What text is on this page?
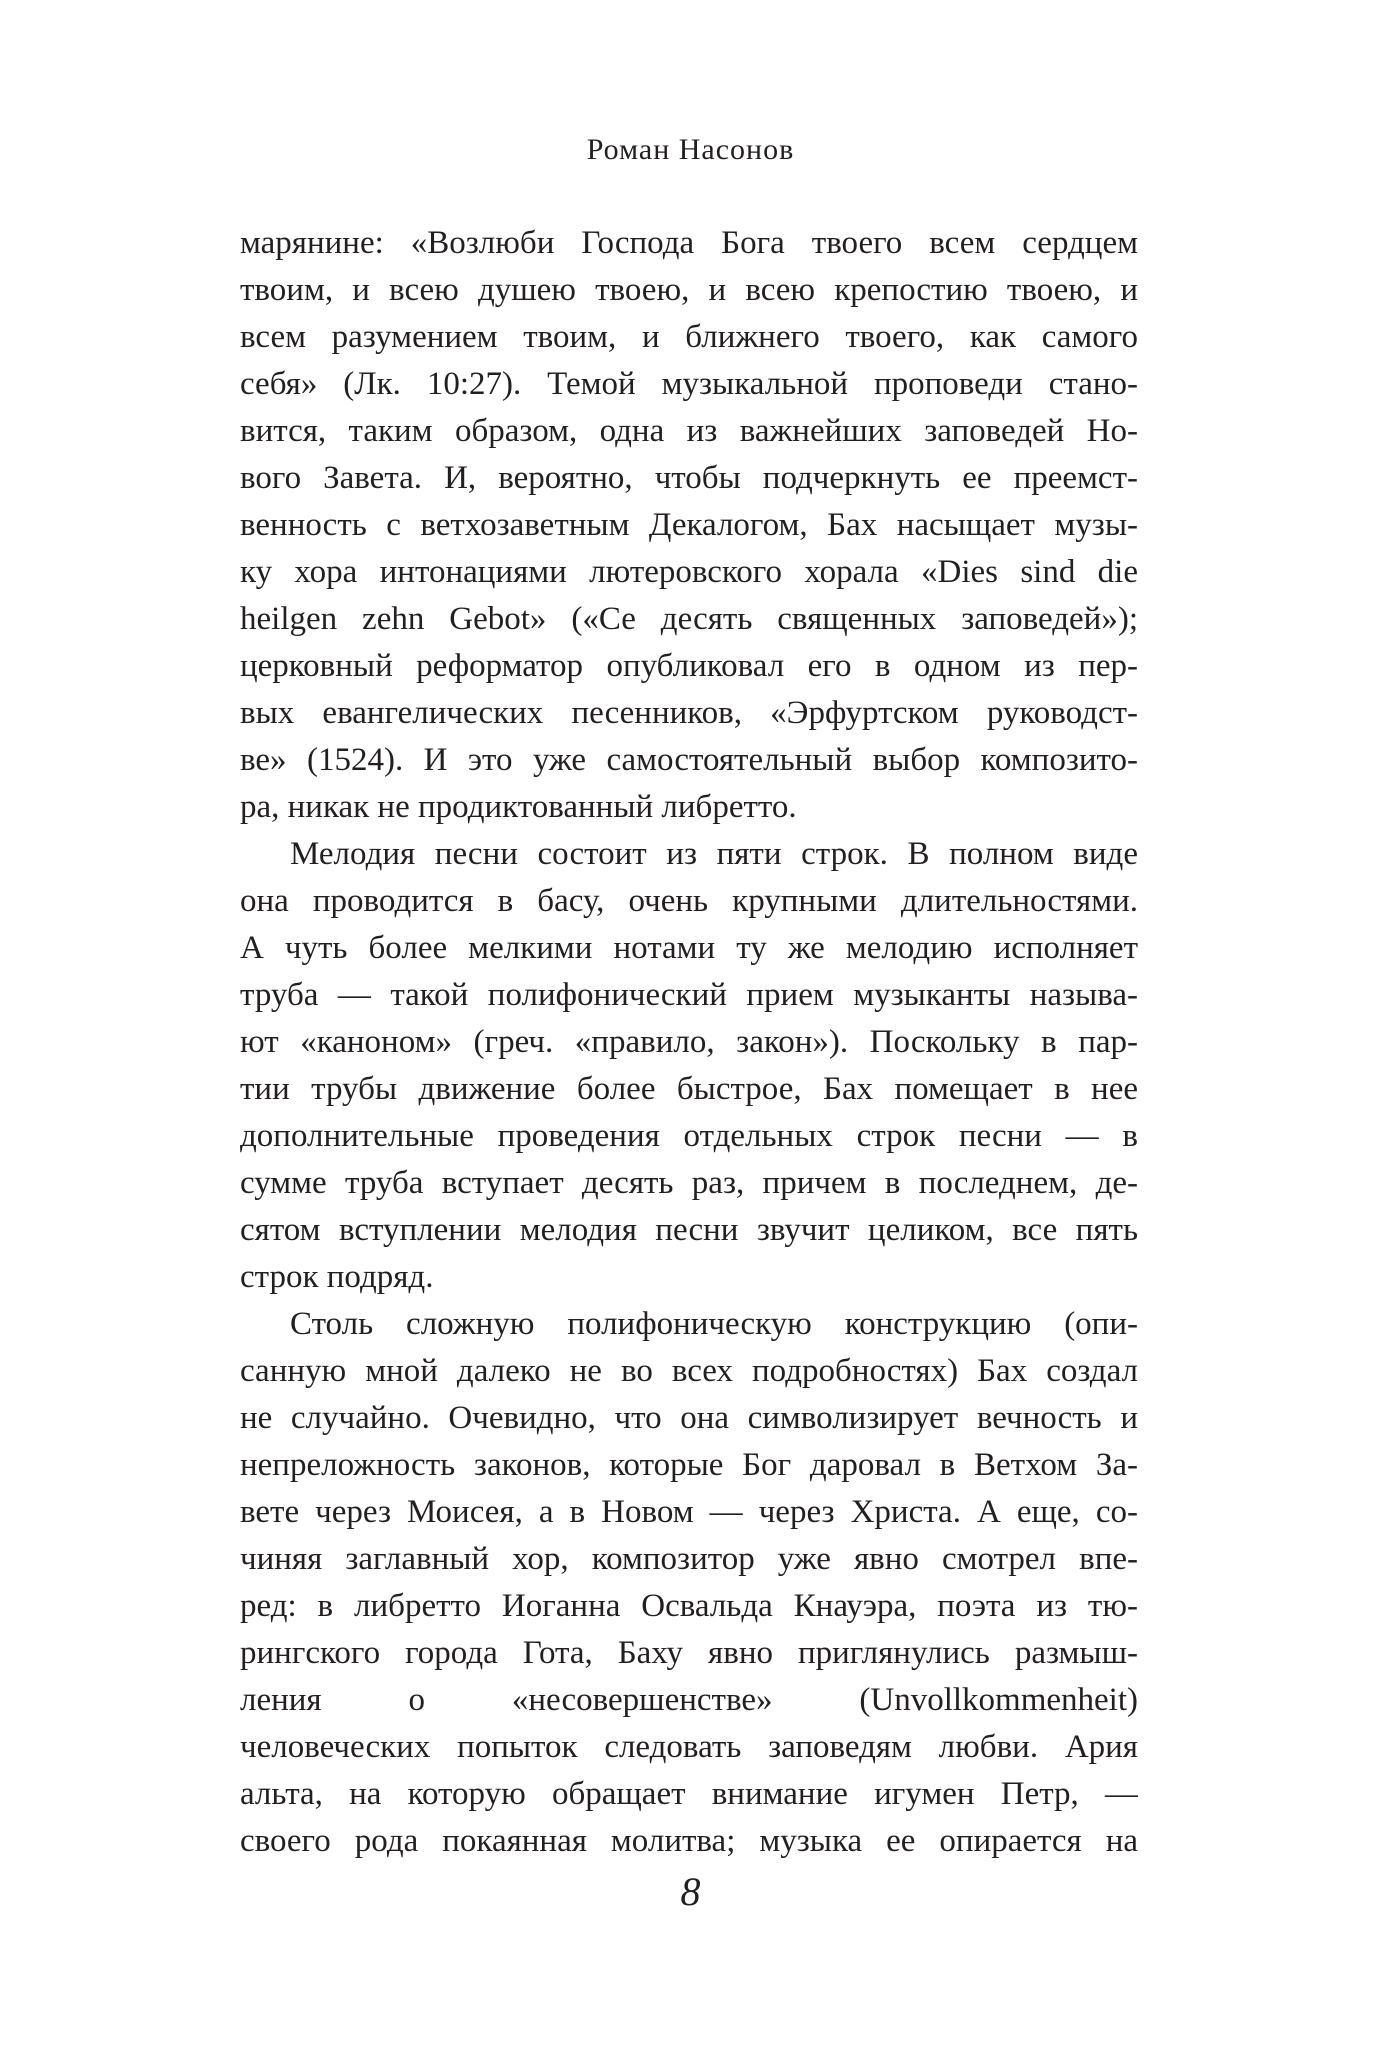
Роман Насонов
марянине: «Возлюби Господа Бога твоего всем сердцем
твоим, и всею душею твоею, и всею крепостию твоею, и
всем разумением твоим, и ближнего твоего, как самого
себя» (Лк. 10:27). Темой музыкальной проповеди стано-
вится, таким образом, одна из важнейших заповедей Но-
вого Завета. И, вероятно, чтобы подчеркнуть ее преемст-
венность с ветхозаветным Декалогом, Бах насыщает музы-
ку хора интонациями лютеровского хорала «Dies sind die
heilgen zehn Gebot» («Се десять священных заповедей»);
церковный реформатор опубликовал его в одном из пер-
вых евангелических песенников, «Эрфуртском руководст-
ве» (1524). И это уже самостоятельный выбор композито-
ра, никак не продиктованный либретто.
Мелодия песни состоит из пяти строк. В полном виде
она проводится в басу, очень крупными длительностями.
А чуть более мелкими нотами ту же мелодию исполняет
труба — такой полифонический прием музыканты называ-
ют «каноном» (греч. «правило, закон»). Поскольку в пар-
тии трубы движение более быстрое, Бах помещает в нее
дополнительные проведения отдельных строк песни — в
сумме труба вступает десять раз, причем в последнем, де-
сятом вступлении мелодия песни звучит целиком, все пять
строк подряд.
Столь сложную полифоническую конструкцию (опи-
санную мной далеко не во всех подробностях) Бах создал
не случайно. Очевидно, что она символизирует вечность и
непреложность законов, которые Бог даровал в Ветхом За-
вете через Моисея, а в Новом — через Христа. А еще, со-
чиняя заглавный хор, композитор уже явно смотрел впе-
ред: в либретто Иоганна Освальда Кнауэра, поэта из тю-
рингского города Гота, Баху явно приглянулись размыш-
ления о «несовершенстве» (Unvollkommenheit)
человеческих попыток следовать заповедям любви. Ария
альта, на которую обращает внимание игумен Петр, —
своего рода покаянная молитва; музыка ее опирается на
8
